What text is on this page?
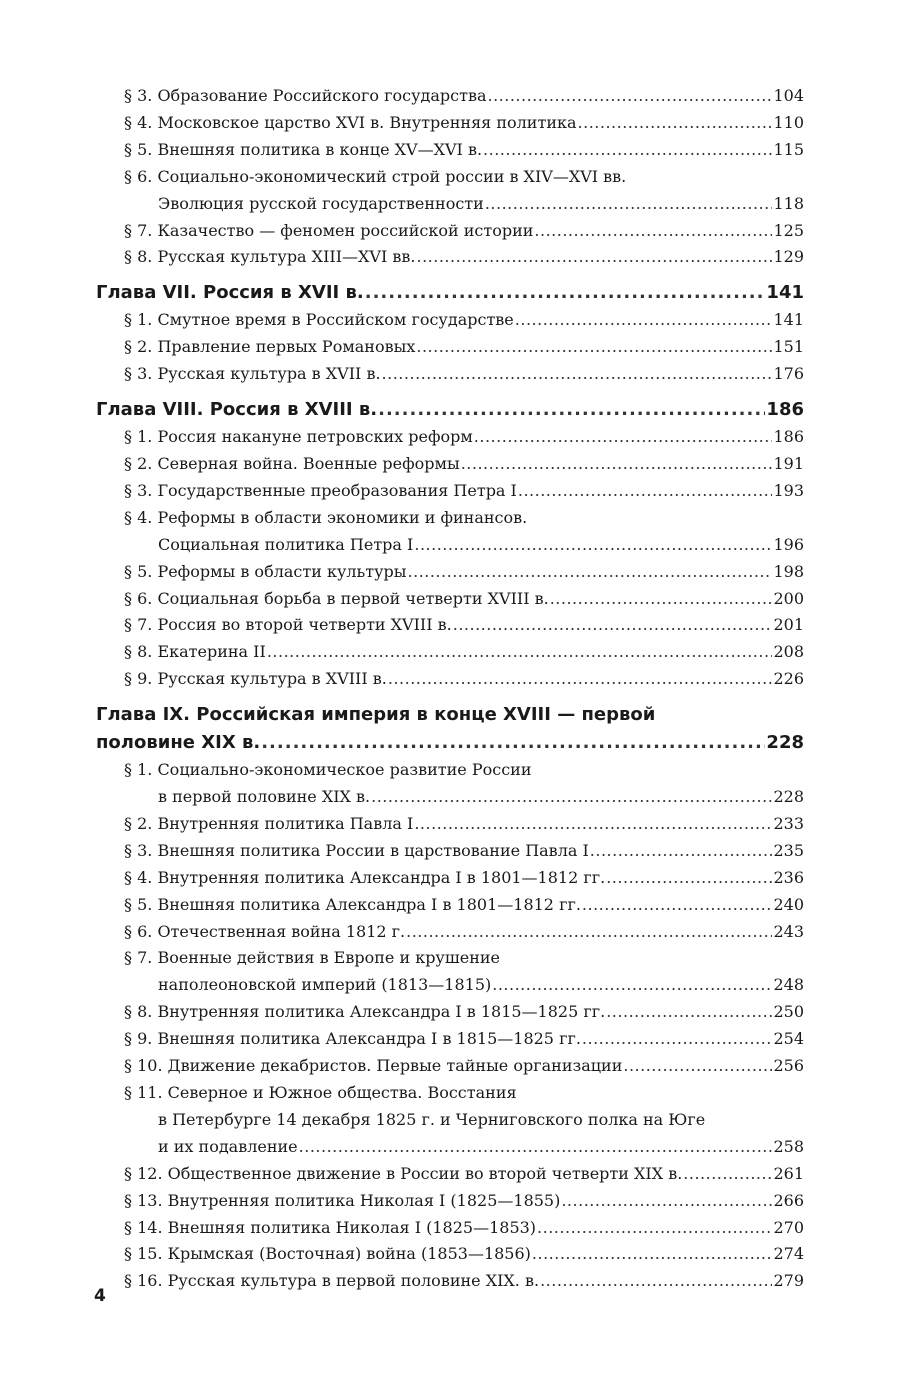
§ 3. Образование Российского государства .....	104
§ 4. Московское царство XVI в. Внутренняя политика .....	110
§ 5. Внешняя политика в конце XV—XVI в. .....	115
§ 6. Социально-экономический строй россии в XIV—XVI вв.
Эволюция русской государственности .....	118
§ 7. Казачество — феномен российской истории .....	125
§ 8. Русская культура XIII—XVI вв. .....	129
Глава VII. Россия в XVII в. .....	141
§ 1. Смутное время в Российском государстве .....	141
§ 2. Правление первых Романовых .....	151
§ 3. Русская культура в XVII в. .....	176
Глава VIII. Россия в XVIII в. .....	186
§ 1. Россия накануне петровских реформ .....	186
§ 2. Северная война. Военные реформы .....	191
§ 3. Государственные преобразования Петра I .....	193
§ 4. Реформы в области экономики и финансов.
Социальная политика Петра I .....	196
§ 5. Реформы в области культуры .....	198
§ 6. Социальная борьба в первой четверти XVIII в. .....	200
§ 7. Россия во второй четверти XVIII в. .....	201
§ 8. Екатерина II .....	208
§ 9. Русская культура в XVIII в. .....	226
Глава IX. Российская империя в конце XVIII — первой
половине XIX в. .....	228
§ 1. Социально-экономическое развитие России
в первой половине XIX в. .....	228
§ 2. Внутренняя политика Павла I .....	233
§ 3. Внешняя политика России в царствование Павла I .....	235
§ 4. Внутренняя политика Александра I в 1801—1812 гг. .....	236
§ 5. Внешняя политика Александра I в 1801—1812 гг. .....	240
§ 6. Отечественная война 1812 г. .....	243
§ 7. Военные действия в Европе и крушение
наполеоновской империй (1813—1815) .....	248
§ 8. Внутренняя политика Александра I в 1815—1825 гг. .....	250
§ 9. Внешняя политика Александра I в 1815—1825 гг. .....	254
§ 10. Движение декабристов. Первые тайные организации .....	256
§ 11. Северное и Южное общества. Восстания
в Петербурге 14 декабря 1825 г. и Черниговского полка на Юге
и их подавление .....	258
§ 12. Общественное движение в России во второй четверти XIX в. .....	261
§ 13. Внутренняя политика Николая I (1825—1855) .....	266
§ 14. Внешняя политика Николая I (1825—1853) .....	270
§ 15. Крымская (Восточная) война (1853—1856) .....	274
§ 16. Русская культура в первой половине XIX. в. .....	279
4
